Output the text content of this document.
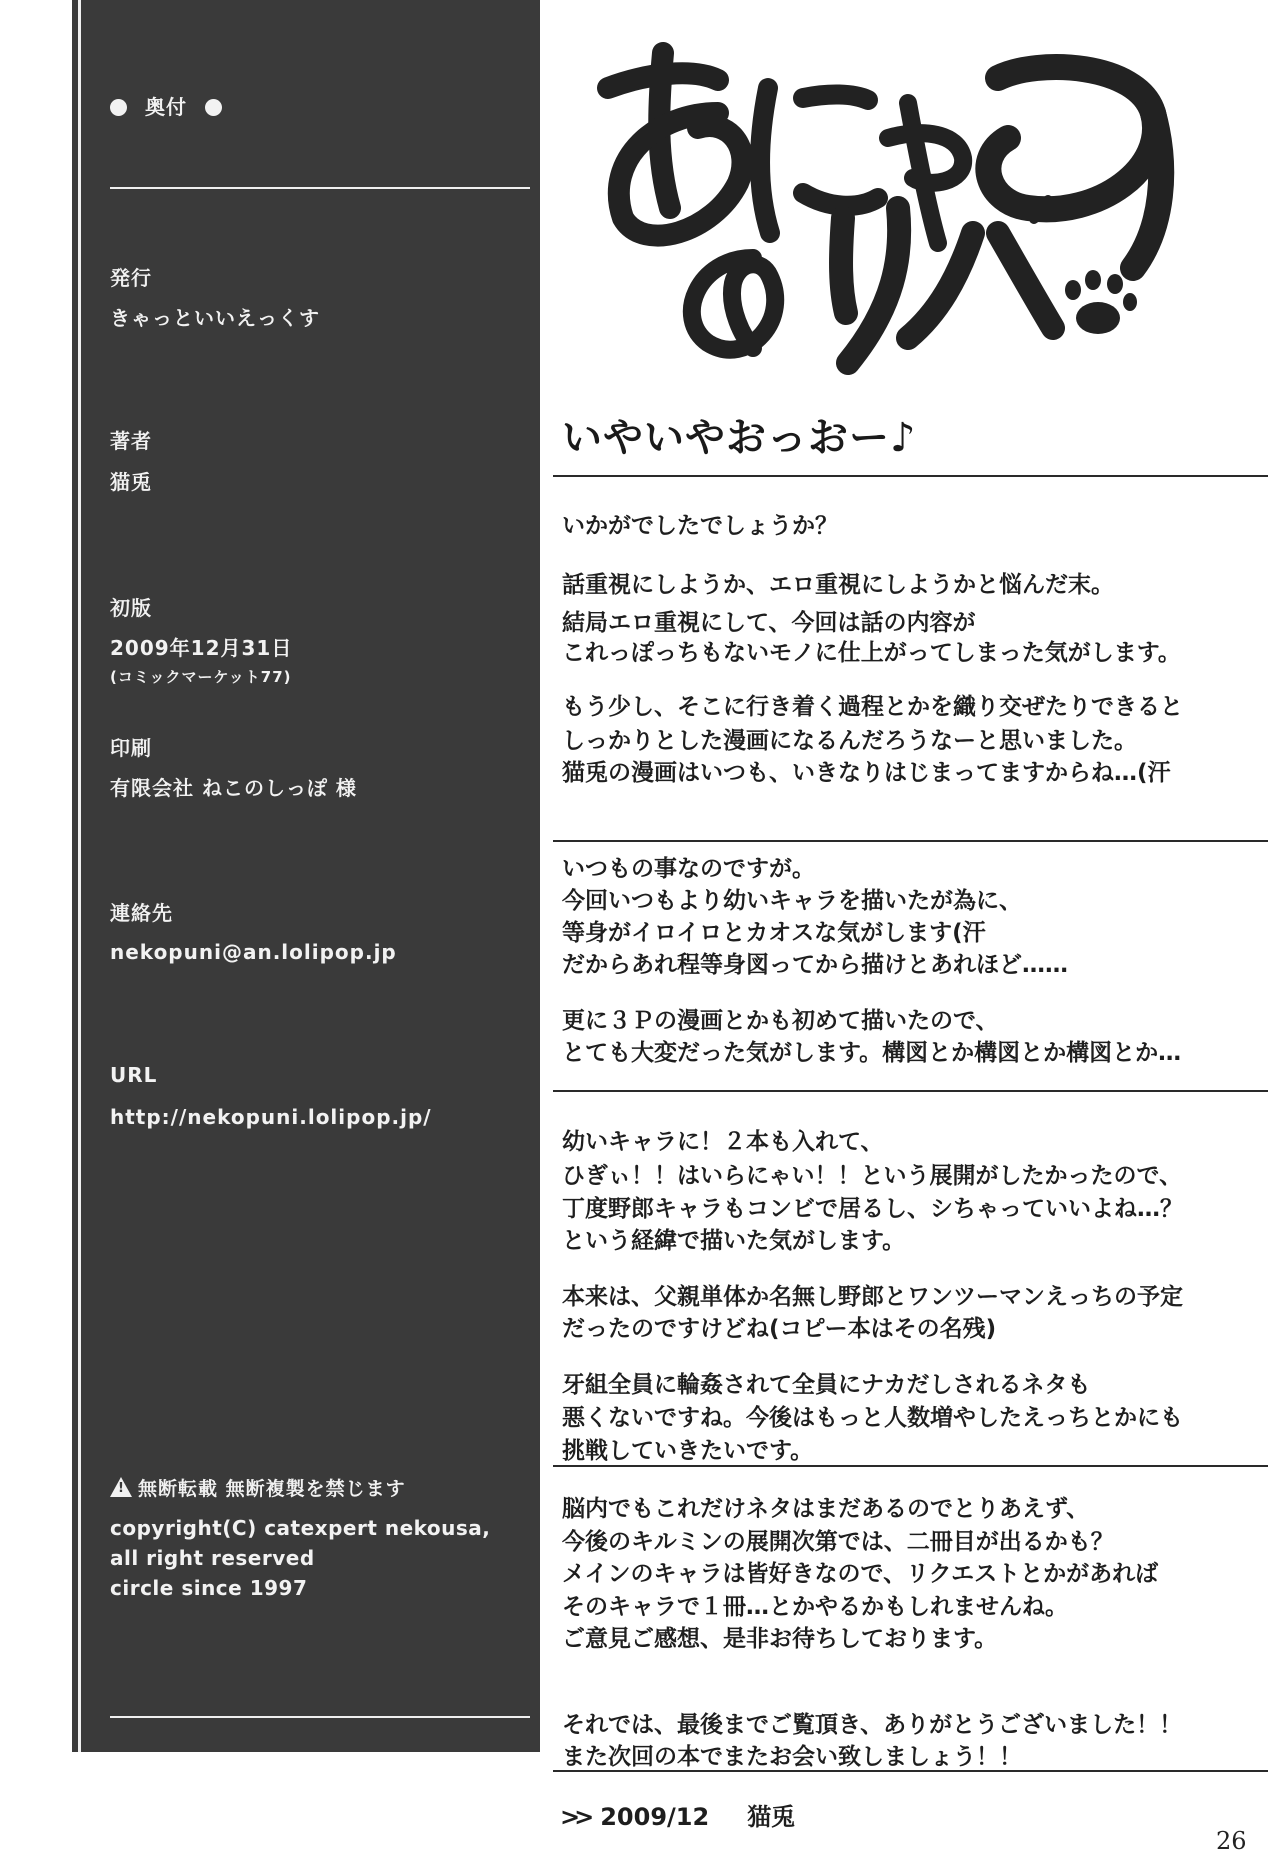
奥付
発行
きゃっといいえっくす
著者
猫兎
初版
2009年12月31日
(コミックマーケット77)
印刷
有限会社 ねこのしっぽ 様
連絡先
nekopuni@an.lolipop.jp
URL
http://nekopuni.lolipop.jp/
!無断転載 無断複製を禁じます
copyright(C) catexpert nekousa,
all right reserved
circle since 1997
いやいやおっおー♪
いかがでしたでしょうか？
話重視にしようか、エロ重視にしようかと悩んだ末。
結局エロ重視にして、今回は話の内容が
これっぽっちもないモノに仕上がってしまった気がします。
もう少し、そこに行き着く過程とかを織り交ぜたりできると
しっかりとした漫画になるんだろうなーと思いました。
猫兎の漫画はいつも、いきなりはじまってますからね…(汗
いつもの事なのですが。
今回いつもより幼いキャラを描いたが為に、
等身がイロイロとカオスな気がします(汗
だからあれ程等身図ってから描けとあれほど……
更に３Ｐの漫画とかも初めて描いたので、
とても大変だった気がします。構図とか構図とか構図とか…
幼いキャラに！２本も入れて、
ひぎぃ！！はいらにゃい！！という展開がしたかったので、
丁度野郎キャラもコンビで居るし、シちゃっていいよね…？
という経緯で描いた気がします。
本来は、父親単体か名無し野郎とワンツーマンえっちの予定
だったのですけどね(コピー本はその名残)
牙組全員に輪姦されて全員にナカだしされるネタも
悪くないですね。今後はもっと人数増やしたえっちとかにも
挑戦していきたいです。
脳内でもこれだけネタはまだあるのでとりあえず、
今後のキルミンの展開次第では、二冊目が出るかも？
メインのキャラは皆好きなので、リクエストとかがあれば
そのキャラで１冊…とかやるかもしれませんね。
ご意見ご感想、是非お待ちしております。
それでは、最後までご覧頂き、ありがとうございました！！
また次回の本でまたお会い致しましょう！！
>> 2009/12 猫兎
26
